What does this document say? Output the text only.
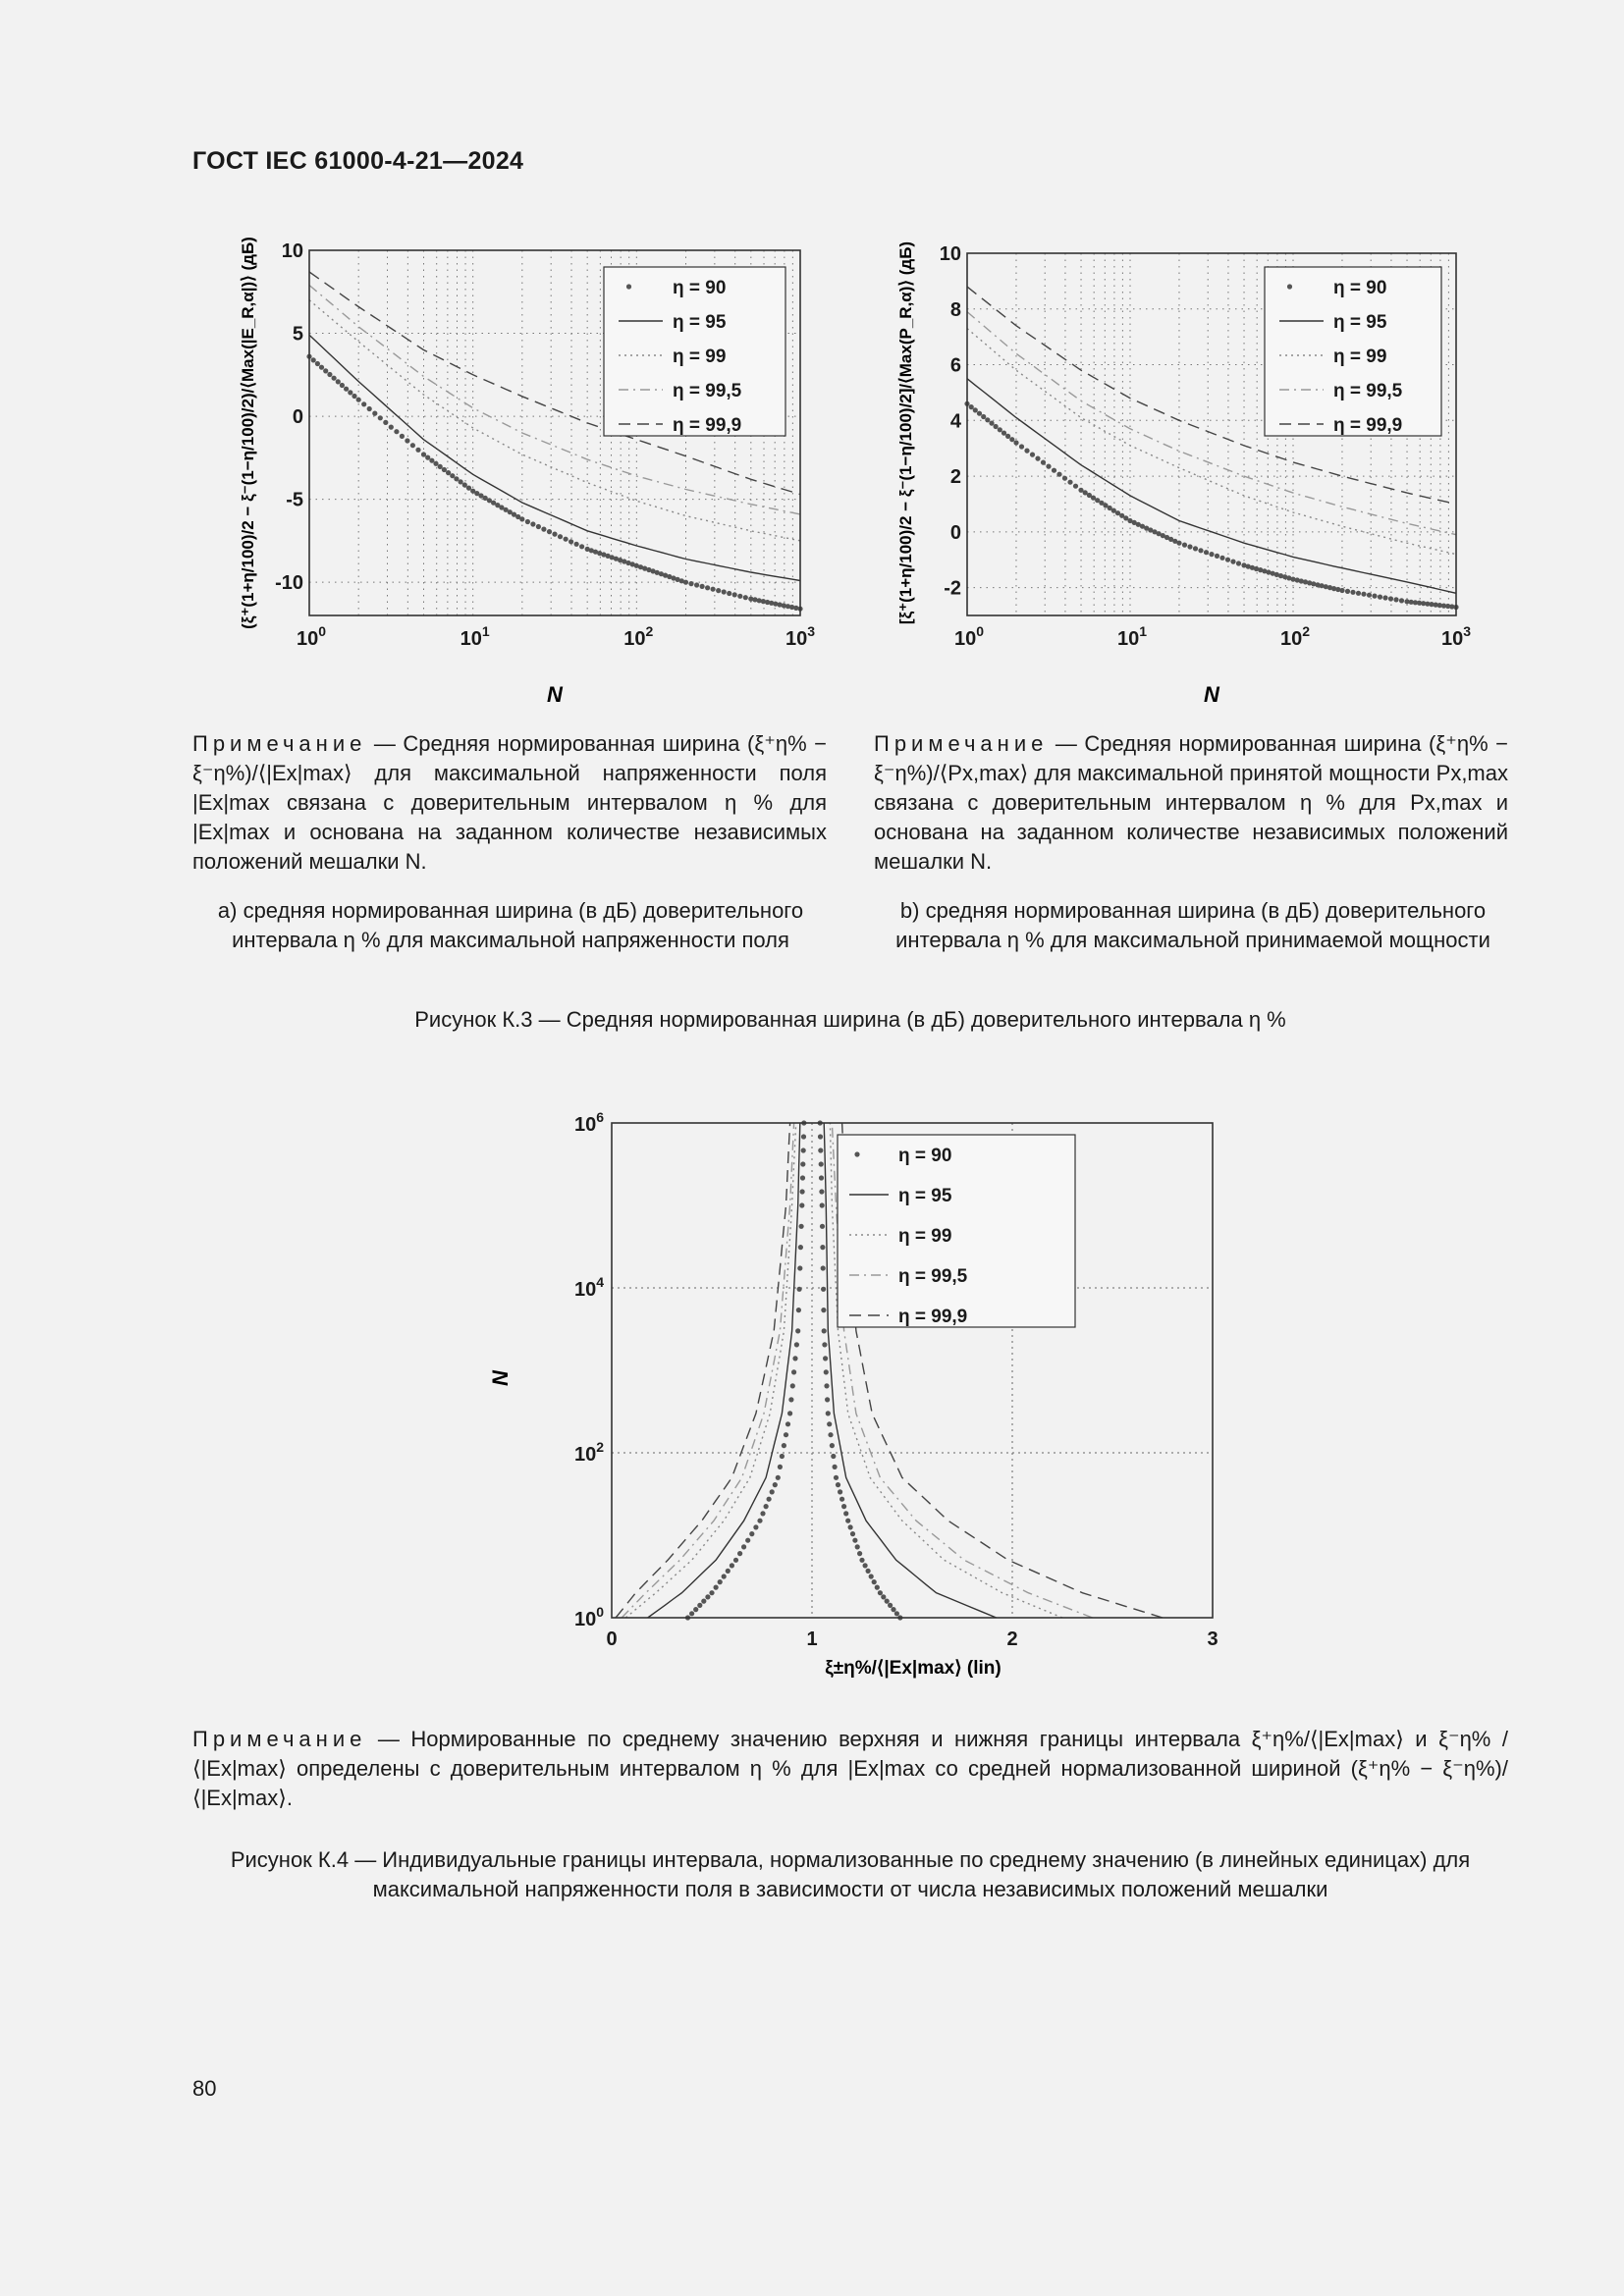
ГОСТ IEC 61000-4-21—2024
10
5
0
-5
-10
$10^0$	$10^1$	$10^2$	$10^3$
η = 90
η = 95
η = 99
η = 99,5
η = 99,9
N
(ξ⁺(1+η/100)/2 − ξ⁻(1−η/100)/2)/⟨Max(|E_R,α|)⟩ (дБ)	10
8
6
4
2
0
-2
$10^0$	$10^1$	$10^2$	$10^3$
η = 90
η = 95
η = 99
η = 99,5
η = 99,9
N
[ξ⁺(1+η/100)/2 − ξ⁻(1−η/100)/2]/⟨Max(P_R,α)⟩ (дБ)
Примечание — Средняя нормированная ширина (ξ⁺η% − ξ⁻η%)/⟨|Ex|max⟩ для максимальной напряженности поля |Ex|max связана с доверительным интервалом η % для |Ex|max и основана на заданном количестве независимых положений мешалки N.
Примечание — Средняя нормированная ширина (ξ⁺η% − ξ⁻η%)/⟨Px,max⟩ для максимальной принятой мощности Px,max связана с доверительным интервалом η % для Px,max и основана на заданном количестве независимых положений мешалки N.
а) средняя нормированная ширина (в дБ) доверительного интервала η % для максимальной напряженности поля
b) средняя нормированная ширина (в дБ) доверительного интервала η % для максимальной принимаемой мощности
Рисунок К.3 — Средняя нормированная ширина (в дБ) доверительного интервала η %
0	1	2	3
$10^6$
$10^4$
$10^2$
$10^0$
η = 90
η = 95
η = 99
η = 99,5
η = 99,9
ξ±η%/⟨|Ex|max⟩ (lin)
N
Примечание — Нормированные по среднему значению верхняя и нижняя границы интервала ξ⁺η%/⟨|Ex|max⟩ и ξ⁻η% /⟨|Ex|max⟩ определены с доверительным интервалом η % для |Ex|max со средней нормализованной шириной (ξ⁺η% − ξ⁻η%)/⟨|Ex|max⟩.
Рисунок К.4 — Индивидуальные границы интервала, нормализованные по среднему значению (в линейных единицах) для максимальной напряженности поля в зависимости от числа независимых положений мешалки
80
